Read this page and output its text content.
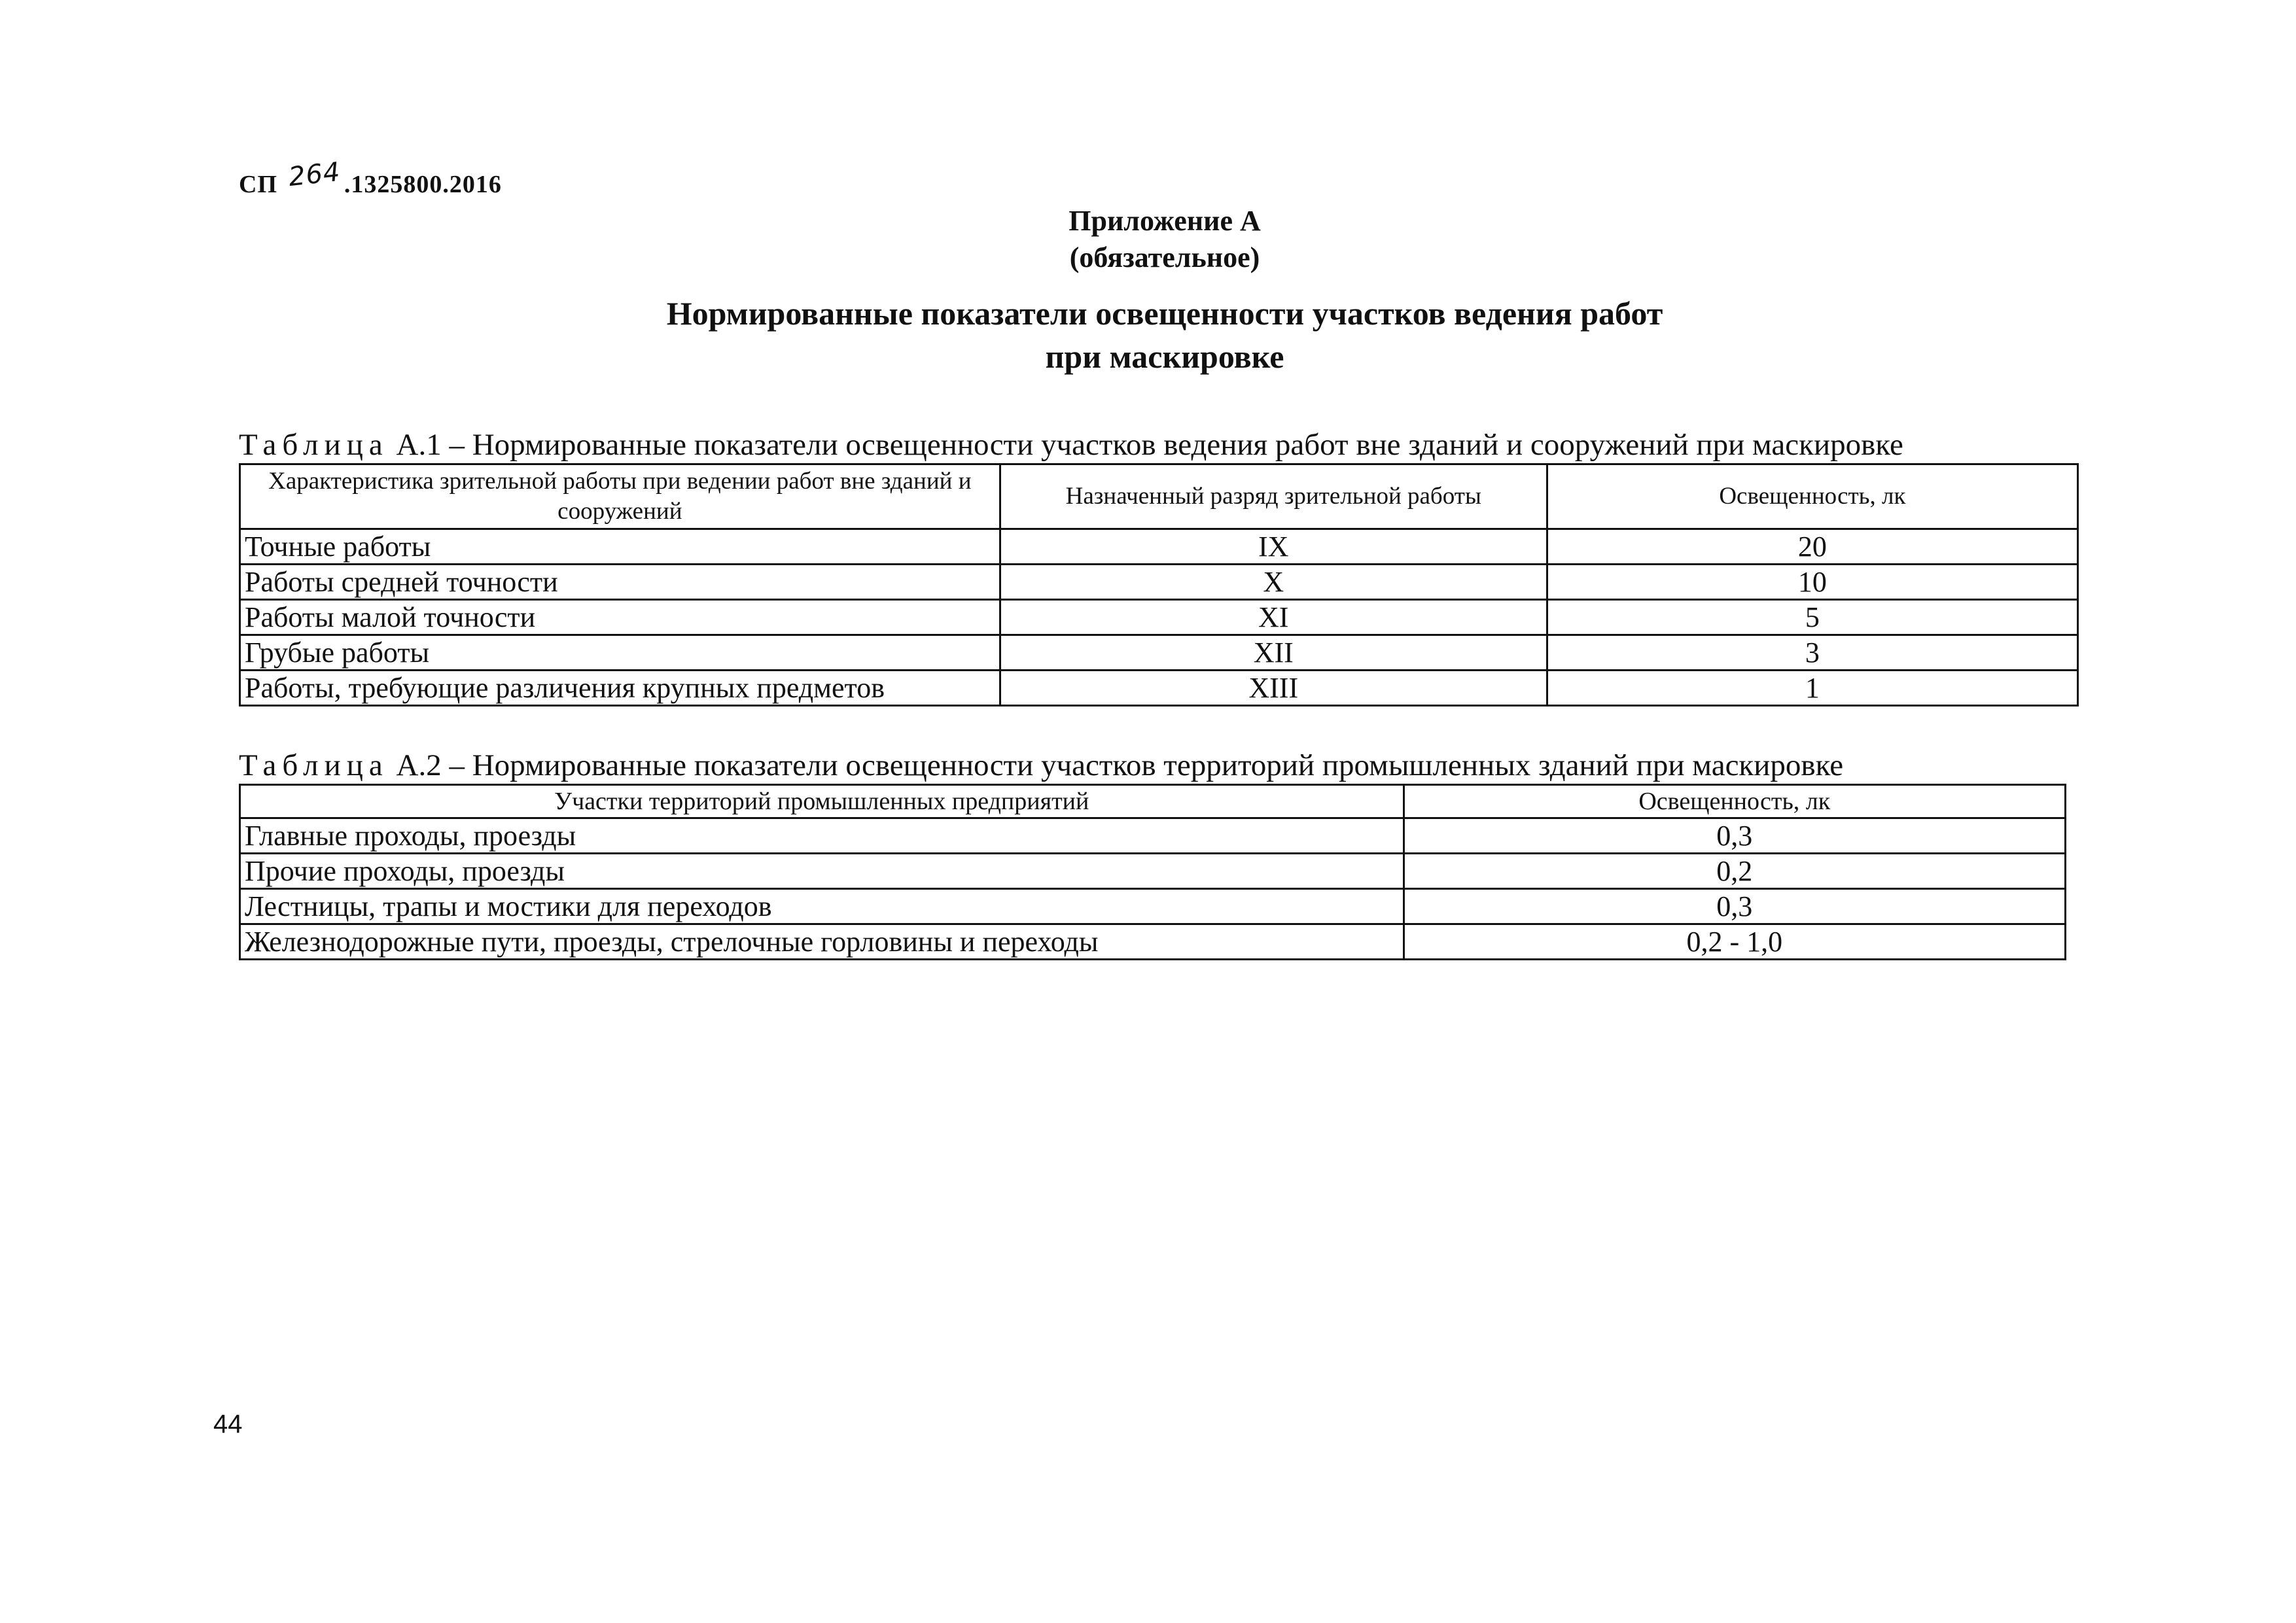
СП 264 .1325800.2016
Приложение А
(обязательное)
Нормированные показатели освещенности участков ведения работ
при маскировке
Таблица А.1 – Нормированные показатели освещенности участков ведения работ вне зданий и сооружений при маскировке
Характеристика зрительной работы при ведении работ вне зданий и сооружений	Назначенный разряд зрительной работы	Освещенность, лк
Точные работы	IX	20
Работы средней точности	X	10
Работы малой точности	XI	5
Грубые работы	XII	3
Работы, требующие различения крупных предметов	XIII	1
Таблица А.2 – Нормированные показатели освещенности участков территорий промышленных зданий при маскировке
Участки территорий промышленных предприятий	Освещенность, лк
Главные проходы, проезды	0,3
Прочие проходы, проезды	0,2
Лестницы, трапы и мостики для переходов	0,3
Железнодорожные пути, проезды, стрелочные горловины и переходы	0,2 - 1,0
44
